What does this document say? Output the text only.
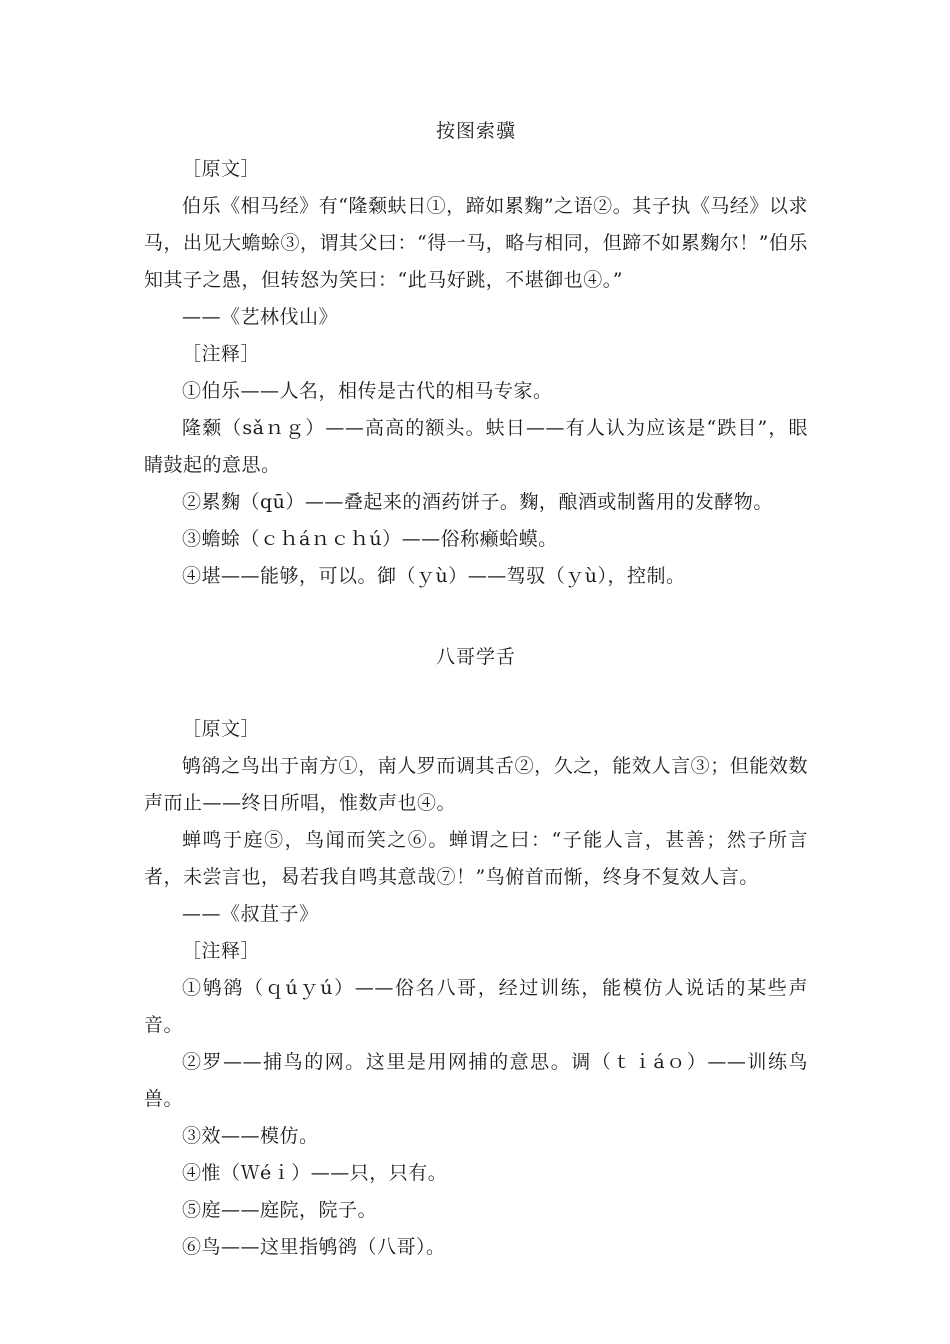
按图索骥

［原文］

伯乐《相马经》有“隆颡蚨日①，蹄如累麴”之语②。其子执《马经》以求马，出见大蟾蜍③，谓其父曰：“得一马，略与相同，但蹄不如累麴尔！”伯乐知其子之愚，但转怒为笑曰：“此马好跳，不堪御也④。”

——《艺林伐山》

［注释］

①伯乐——人名，相传是古代的相马专家。

隆颡（sǎｎｇ）——高高的额头。蚨日——有人认为应该是“跌目”，眼睛鼓起的意思。

②累麴（qū）——叠起来的酒药饼子。麴，酿酒或制酱用的发酵物。

③蟾蜍（ｃｈáｎｃｈú）——俗称癞蛤蟆。

④堪——能够，可以。御（ｙù）——驾驭（ｙù），控制。

八哥学舌

［原文］

鸲鹆之鸟出于南方①，南人罗而调其舌②，久之，能效人言③；但能效数声而止——终日所唱，惟数声也④。

蝉鸣于庭⑤，鸟闻而笑之⑥。蝉谓之曰：“子能人言，甚善；然子所言者，未尝言也，曷若我自鸣其意哉⑦！”鸟俯首而惭，终身不复效人言。

——《叔苴子》

［注释］

①鸲鹆（ｑúｙú）——俗名八哥，经过训练，能模仿人说话的某些声音。

②罗——捕鸟的网。这里是用网捕的意思。调（ｔｉáｏ）——训练鸟兽。

③效——模仿。

④惟（Ｗéｉ）——只，只有。

⑤庭——庭院，院子。

⑥鸟——这里指鸲鹆（八哥）。
